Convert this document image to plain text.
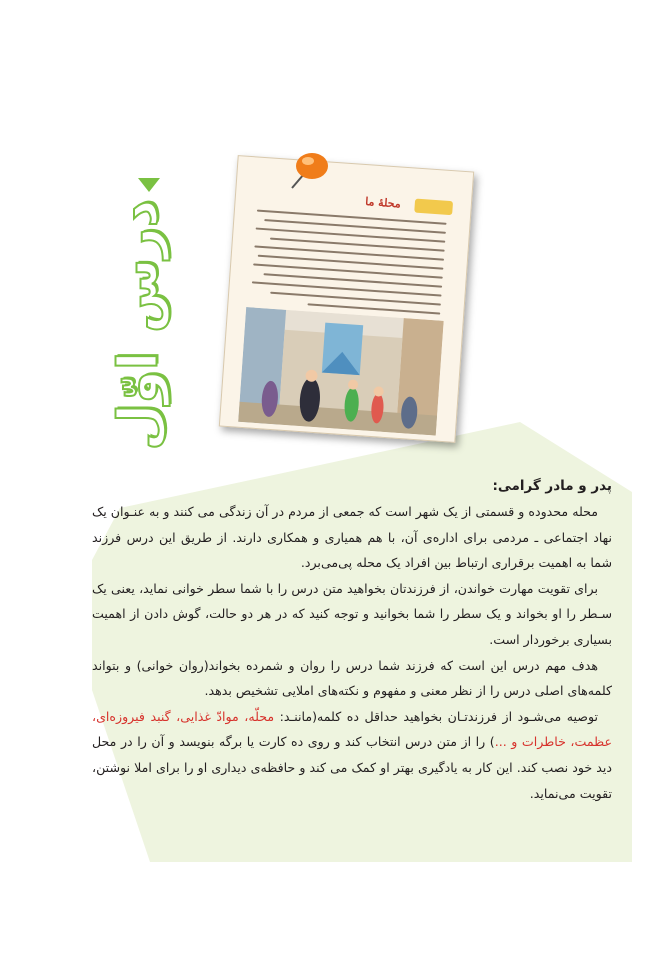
درس اوّل	محلهٔ ما
پدر و مادر گرامی:

محله محدوده و قسمتی از یک شهر است که جمعی از مردم در آن زندگی می کنند و به عنـوان یک نهاد اجتماعی ـ مردمی برای اداره‌ی آن، با هم همیاری و همکاری دارند. از طریق این درس فرزند شما به اهمیت برقراری ارتباط بین افراد یک محله پی‌می‌برد.

برای تقویت مهارت خواندن، از فرزندتان بخواهید متن درس را با شما سطر خوانی نماید، یعنی یک سـطر را او بخواند و یک سطر را شما بخوانید و توجه کنید که در هر دو حالت، گوش دادن از اهمیت بسیاری برخوردار است.

هدف مهم درس این است که فرزند شما درس را روان و شمرده بخواند(روان خوانی) و بتواند کلمه‌های اصلی درس را از نظر معنی و مفهوم و نکته‌های املایی تشخیص بدهد.

توصیه می‌شـود از فرزندتـان بخواهید حداقل ده کلمه(ماننـد: محلّه، موادّ غذایی، گنبد فیروزه‌ای، عظمت، خاطرات و ...) را از متن درس انتخاب کند و روی ده کارت یا برگه بنویسد و آن را در محل دید خود نصب کند. این کار به یادگیری بهتر او کمک می کند و حافظه‌ی دیداری او را برای املا نوشتن، تقویت می‌نماید.
